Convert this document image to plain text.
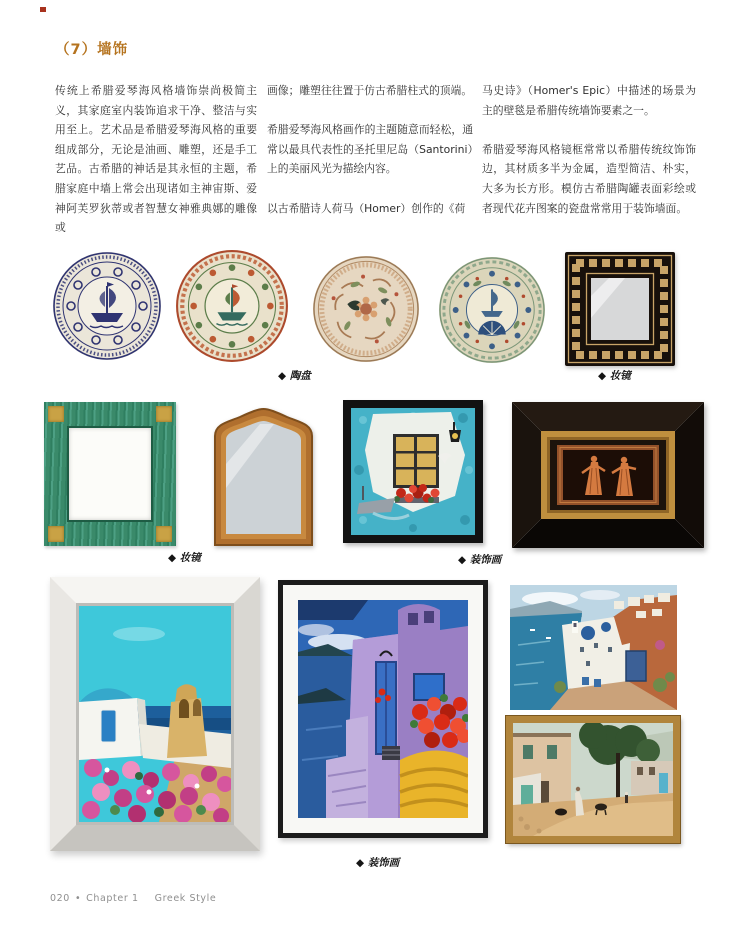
（7）墙饰

传统上希腊爱琴海风格墙饰崇尚极简主义，其家庭室内装饰追求干净、整洁与实用至上。艺术品是希腊爱琴海风格的重要组成部分，无论是油画、雕塑，还是手工艺品。古希腊的神话是其永恒的主题，希腊家庭中墙上常会出现诸如主神宙斯、爱神阿芙罗狄蒂或者智慧女神雅典娜的雕像或

画像；雕塑往往置于仿古希腊柱式的顶端。

希腊爱琴海风格画作的主题随意而轻松，通常以最具代表性的圣托里尼岛（Santorini）上的美丽风光为描绘内容。

以古希腊诗人荷马（Homer）创作的《荷

马史诗》（Homer's Epic）中描述的场景为主的壁毯是希腊传统墙饰要素之一。

希腊爱琴海风格镜框常常以希腊传统纹饰饰边，其材质多半为金属，造型简洁、朴实，大多为长方形。模仿古希腊陶罐表面彩绘或者现代花卉图案的瓷盘常常用于装饰墙面。

◆ 陶盘	◆ 妆镜
◆ 妆镜	◆ 装饰画
◆ 装饰画
020 • Chapter 1 Greek Style
